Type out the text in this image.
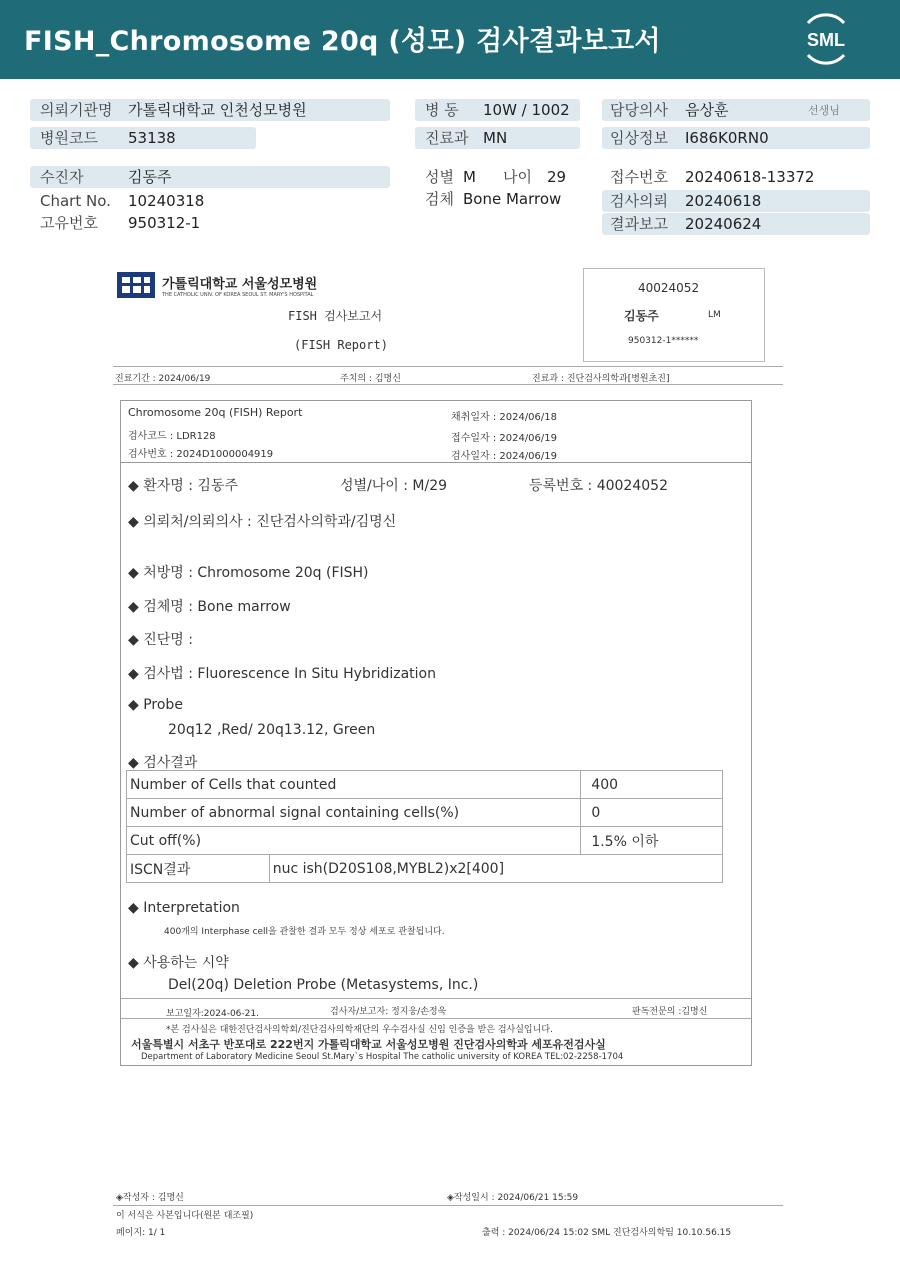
FISH_Chromosome 20q (성모) 검사결과보고서	SML
의뢰기관명 가톨릭대학교 인천성모병원	병 동 10W / 1002	담당의사 음상훈	선생님
병원코드 53138	진료과 MN	임상정보 I686K0RN0
수진자	김동주	성별 M 나이 29	접수번호 20240618-13372
Chart No. 10240318	검체 Bone Marrow	검사의뢰 20240618
고유번호 950312-1	결과보고 20240624
가톨릭대학교 서울성모병원
THE CATHOLIC UNIV. OF KOREA SEOUL ST. MARY'S HOSPITAL
FISH 검사보고서
(FISH Report)
40024052
김동주	LM
950312-1******
진료기간 : 2024/06/19	주치의 : 김명신	진료과 : 진단검사의학과[병원초진]
Chromosome 20q (FISH) Report
검사코드 : LDR128
검사번호 : 2024D1000004919
채취일자 : 2024/06/18
접수일자 : 2024/06/19
검사일자 : 2024/06/19
◆ 환자명 : 김동주	성별/나이 : M/29	등록번호 : 40024052
◆ 의뢰처/의뢰의사 : 진단검사의학과/김명신
◆ 처방명 : Chromosome 20q (FISH)
◆ 검체명 : Bone marrow
◆ 진단명 :
◆ 검사법 : Fluorescence In Situ Hybridization
◆ Probe
20q12 ,Red/ 20q13.12, Green
◆ 검사결과
Number of Cells that counted	400
Number of abnormal signal containing cells(%)	0
Cut off(%)	1.5% 이하
ISCN결과	nuc ish(D20S108,MYBL2)x2[400]
◆ Interpretation
400개의 Interphase cell을 관찰한 결과 모두 정상 세포로 관찰됩니다.
◆ 사용하는 시약
Del(20q) Deletion Probe (Metasystems, Inc.)
보고일자:2024-06-21.	검사자/보고자: 정지웅/손정욱	판독전문의 :김명신
*본 검사실은 대한진단검사의학회/진단검사의학재단의 우수검사실 신임 인증을 받은 검사실입니다.
서울특별시 서초구 반포대로 222번지 가톨릭대학교 서울성모병원 진단검사의학과 세포유전검사실
Department of Laboratory Medicine Seoul St.Mary`s Hospital The catholic university of KOREA TEL:02-2258-1704
◈작성자 : 김명신	◈작성일시 : 2024/06/21 15:59
이 서식은 사본입니다(원본 대조필)
페이지: 1/ 1	출력 : 2024/06/24 15:02 SML 진단검사의학팀 10.10.56.15
